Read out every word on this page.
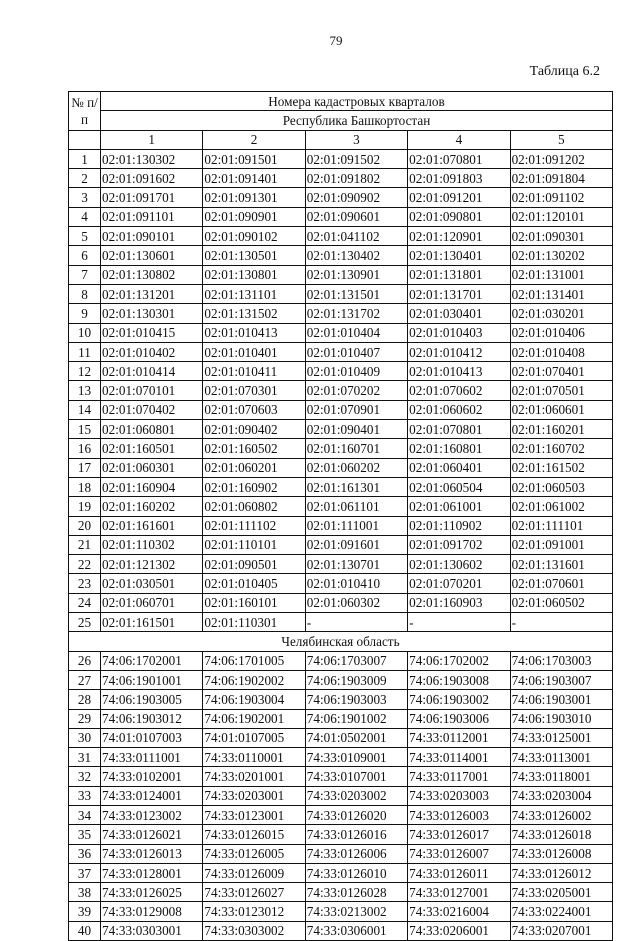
79
Таблица 6.2
№ п/п	Номера кадастровых кварталов				
	Республика Башкортостан				
	1	2	3	4	5
1	02:01:130302	02:01:091501	02:01:091502	02:01:070801	02:01:091202
2	02:01:091602	02:01:091401	02:01:091802	02:01:091803	02:01:091804
3	02:01:091701	02:01:091301	02:01:090902	02:01:091201	02:01:091102
4	02:01:091101	02:01:090901	02:01:090601	02:01:090801	02:01:120101
5	02:01:090101	02:01:090102	02:01:041102	02:01:120901	02:01:090301
6	02:01:130601	02:01:130501	02:01:130402	02:01:130401	02:01:130202
7	02:01:130802	02:01:130801	02:01:130901	02:01:131801	02:01:131001
8	02:01:131201	02:01:131101	02:01:131501	02:01:131701	02:01:131401
9	02:01:130301	02:01:131502	02:01:131702	02:01:030401	02:01:030201
10	02:01:010415	02:01:010413	02:01:010404	02:01:010403	02:01:010406
11	02:01:010402	02:01:010401	02:01:010407	02:01:010412	02:01:010408
12	02:01:010414	02:01:010411	02:01:010409	02:01:010413	02:01:070401
13	02:01:070101	02:01:070301	02:01:070202	02:01:070602	02:01:070501
14	02:01:070402	02:01:070603	02:01:070901	02:01:060602	02:01:060601
15	02:01:060801	02:01:090402	02:01:090401	02:01:070801	02:01:160201
16	02:01:160501	02:01:160502	02:01:160701	02:01:160801	02:01:160702
17	02:01:060301	02:01:060201	02:01:060202	02:01:060401	02:01:161502
18	02:01:160904	02:01:160902	02:01:161301	02:01:060504	02:01:060503
19	02:01:160202	02:01:060802	02:01:061101	02:01:061001	02:01:061002
20	02:01:161601	02:01:111102	02:01:111001	02:01:110902	02:01:111101
21	02:01:110302	02:01:110101	02:01:091601	02:01:091702	02:01:091001
22	02:01:121302	02:01:090501	02:01:130701	02:01:130602	02:01:131601
23	02:01:030501	02:01:010405	02:01:010410	02:01:070201	02:01:070601
24	02:01:060701	02:01:160101	02:01:060302	02:01:160903	02:01:060502
25	02:01:161501	02:01:110301	-	-	-
Челябинская область					
26	74:06:1702001	74:06:1701005	74:06:1703007	74:06:1702002	74:06:1703003
27	74:06:1901001	74:06:1902002	74:06:1903009	74:06:1903008	74:06:1903007
28	74:06:1903005	74:06:1903004	74:06:1903003	74:06:1903002	74:06:1903001
29	74:06:1903012	74:06:1902001	74:06:1901002	74:06:1903006	74:06:1903010
30	74:01:0107003	74:01:0107005	74:01:0502001	74:33:0112001	74:33:0125001
31	74:33:0111001	74:33:0110001	74:33:0109001	74:33:0114001	74:33:0113001
32	74:33:0102001	74:33:0201001	74:33:0107001	74:33:0117001	74:33:0118001
33	74:33:0124001	74:33:0203001	74:33:0203002	74:33:0203003	74:33:0203004
34	74:33:0123002	74:33:0123001	74:33:0126020	74:33:0126003	74:33:0126002
35	74:33:0126021	74:33:0126015	74:33:0126016	74:33:0126017	74:33:0126018
36	74:33:0126013	74:33:0126005	74:33:0126006	74:33:0126007	74:33:0126008
37	74:33:0128001	74:33:0126009	74:33:0126010	74:33:0126011	74:33:0126012
38	74:33:0126025	74:33:0126027	74:33:0126028	74:33:0127001	74:33:0205001
39	74:33:0129008	74:33:0123012	74:33:0213002	74:33:0216004	74:33:0224001
40	74:33:0303001	74:33:0303002	74:33:0306001	74:33:0206001	74:33:0207001
